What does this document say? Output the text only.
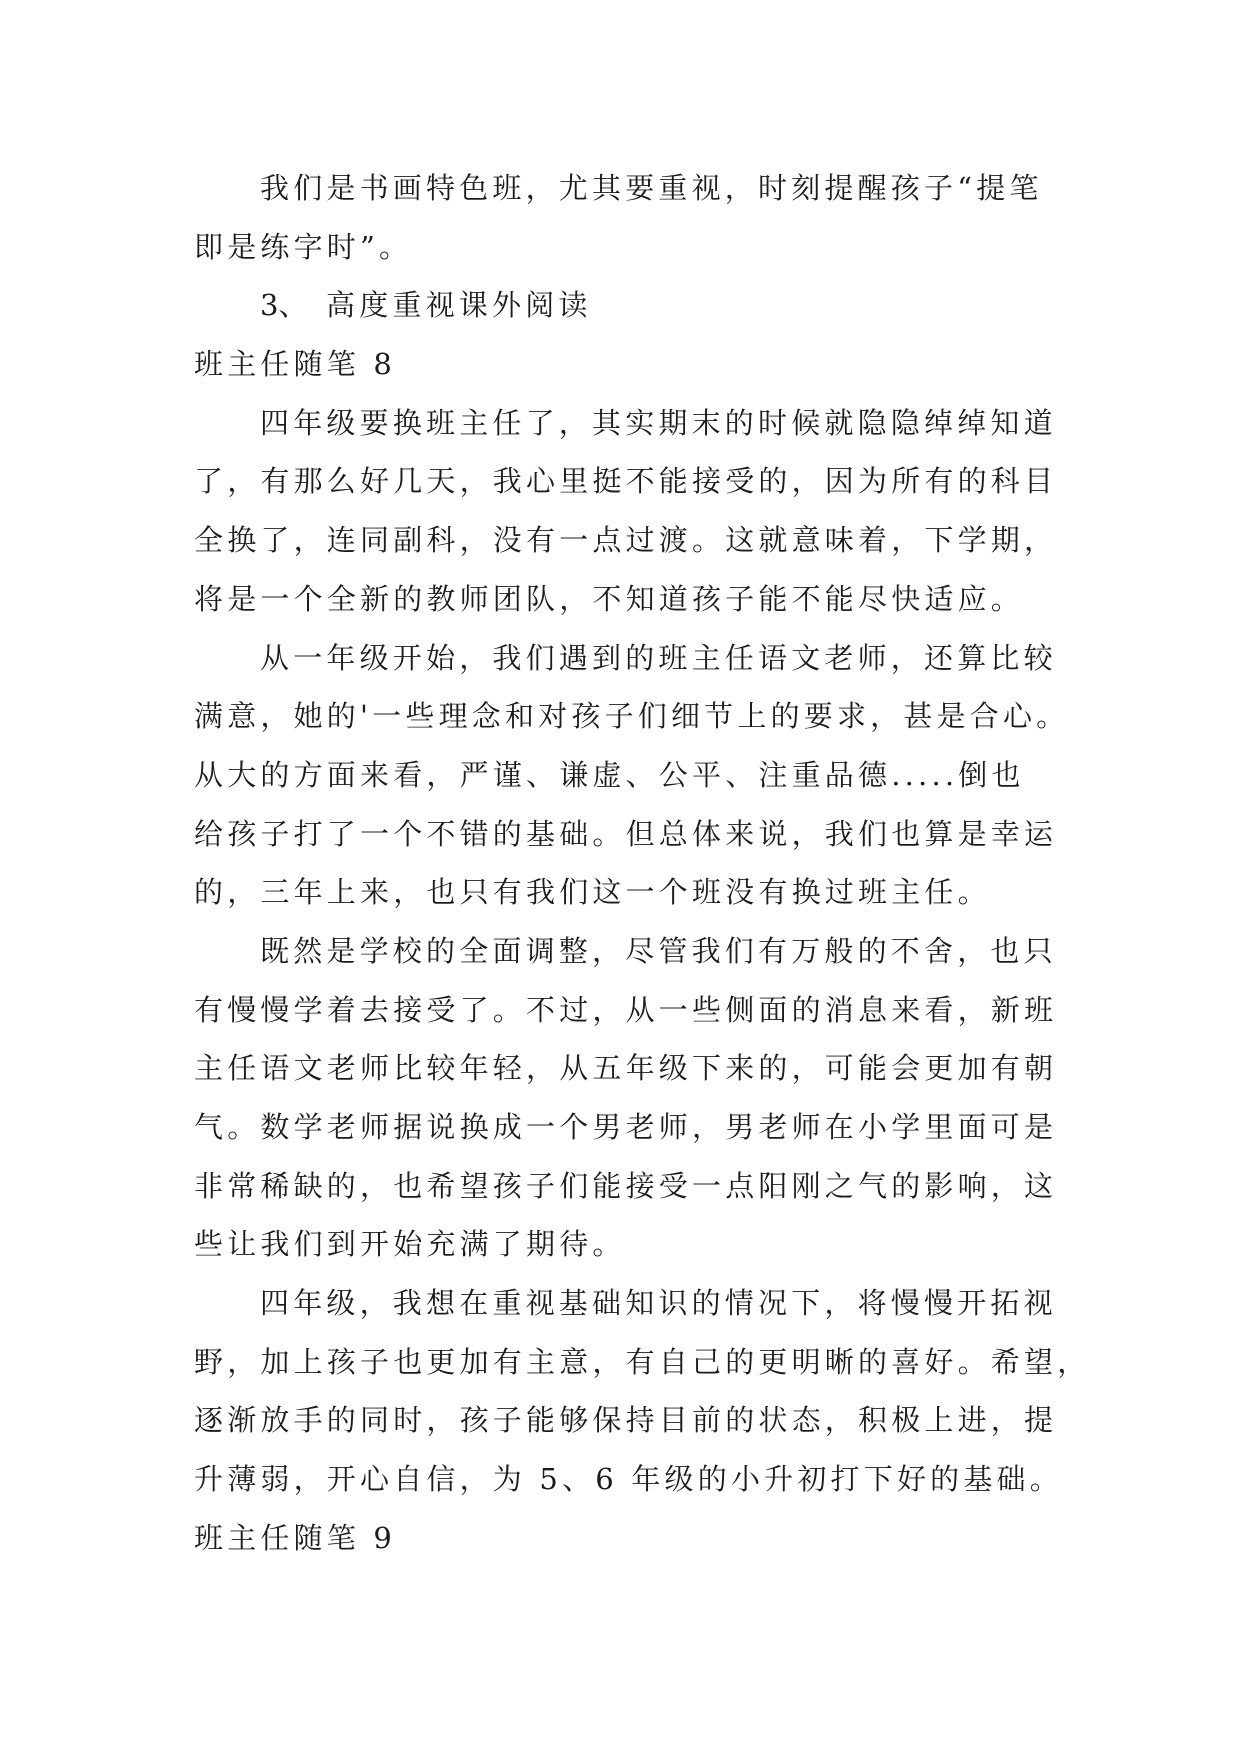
我们是书画特色班，尤其要重视，时刻提醒孩子“提笔
即是练字时”。
3、 高度重视课外阅读
班主任随笔 8
四年级要换班主任了，其实期末的时候就隐隐绰绰知道
了，有那么好几天，我心里挺不能接受的，因为所有的科目
全换了，连同副科，没有一点过渡。这就意味着，下学期，
将是一个全新的教师团队，不知道孩子能不能尽快适应。
从一年级开始，我们遇到的班主任语文老师，还算比较
满意，她的'一些理念和对孩子们细节上的要求，甚是合心。
从大的方面来看，严谨、谦虚、公平、注重品德.....倒也
给孩子打了一个不错的基础。但总体来说，我们也算是幸运
的，三年上来，也只有我们这一个班没有换过班主任。
既然是学校的全面调整，尽管我们有万般的不舍，也只
有慢慢学着去接受了。不过，从一些侧面的消息来看，新班
主任语文老师比较年轻，从五年级下来的，可能会更加有朝
气。数学老师据说换成一个男老师，男老师在小学里面可是
非常稀缺的，也希望孩子们能接受一点阳刚之气的影响，这
些让我们到开始充满了期待。
四年级，我想在重视基础知识的情况下，将慢慢开拓视
野，加上孩子也更加有主意，有自己的更明晰的喜好。希望，
逐渐放手的同时，孩子能够保持目前的状态，积极上进，提
升薄弱，开心自信，为 5、6 年级的小升初打下好的基础。
班主任随笔 9
